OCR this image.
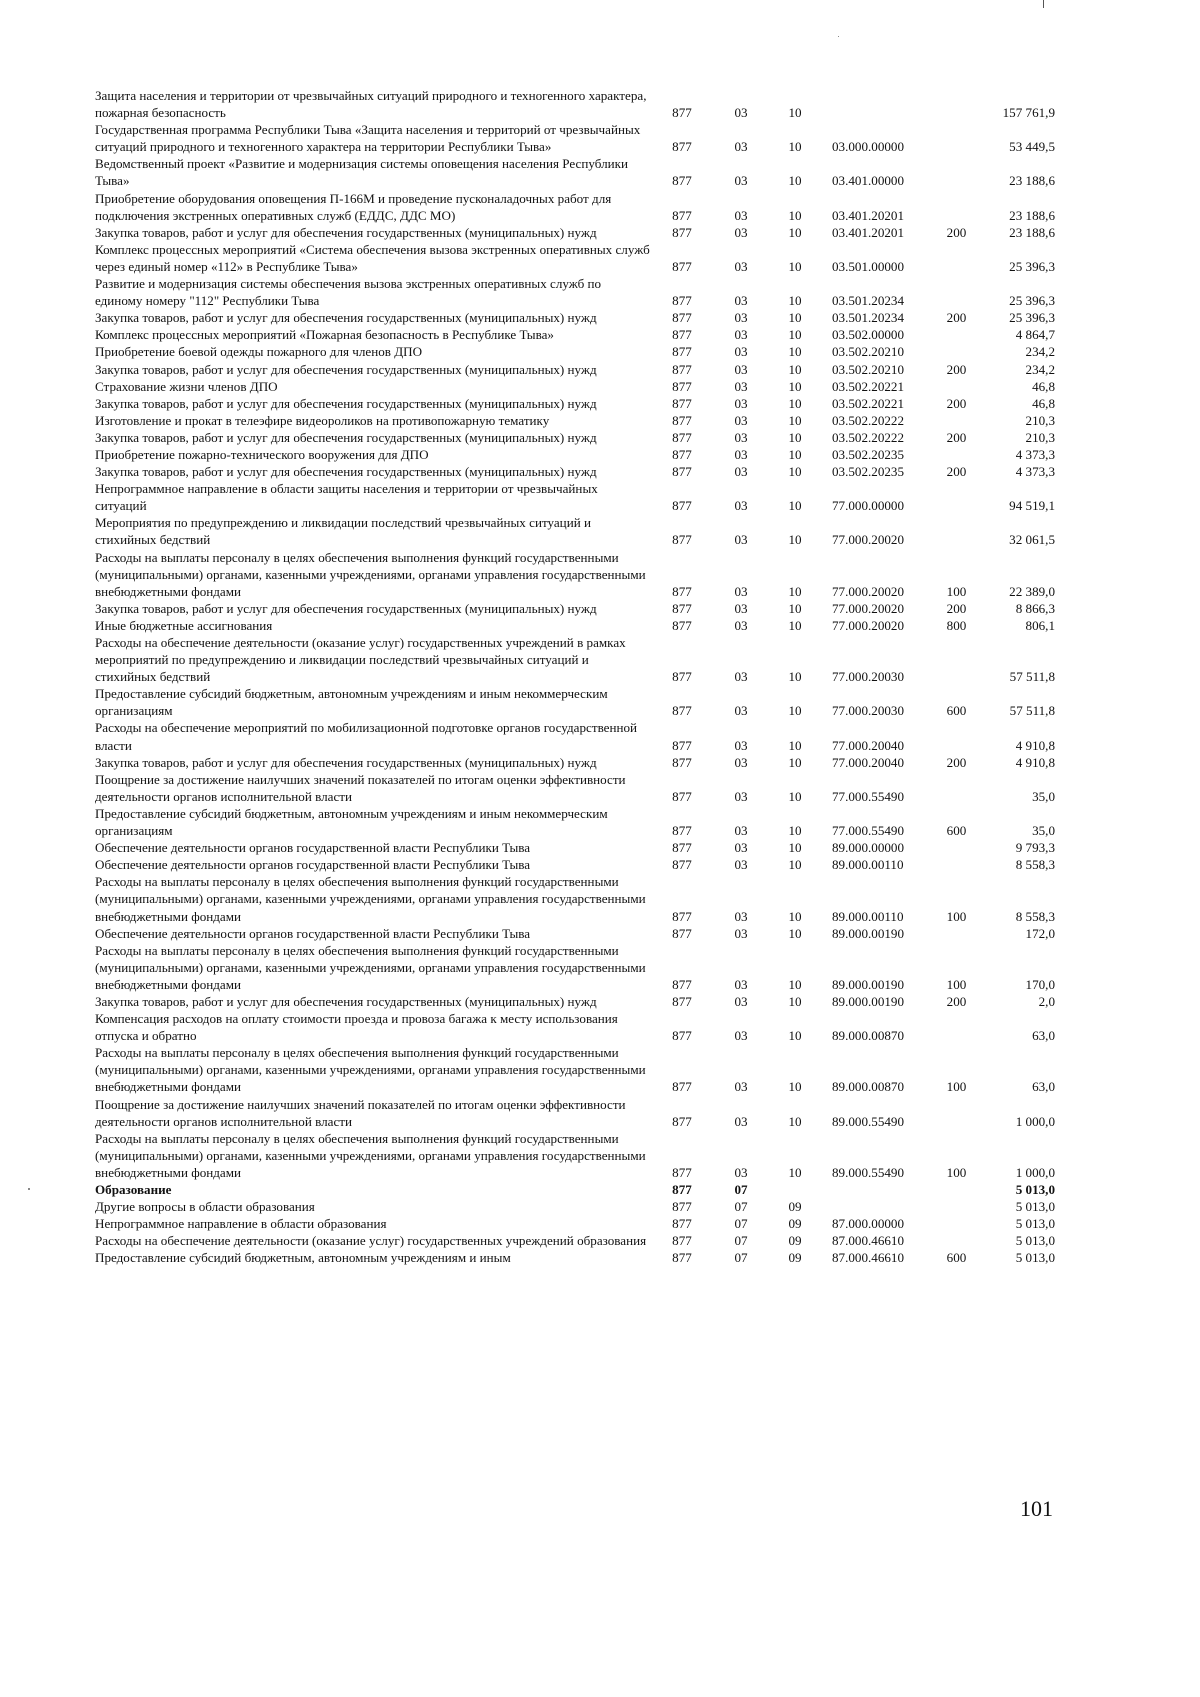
Защита населения и территории от чрезвычайных ситуаций природного и техногенного характера, пожарная безопасность	877	03	10	157 761,9
Государственная программа Республики Тыва «Защита населения и территорий от чрезвычайных ситуаций природного и техногенного характера на территории Республики Тыва»	877	03	10	03.000.00000	53 449,5
Ведомственный проект «Развитие и модернизация системы оповещения населения Республики Тыва»	877	03	10	03.401.00000	23 188,6
Приобретение оборудования оповещения П-166М и проведение пусконаладочных работ для подключения экстренных оперативных служб (ЕДДС, ДДС МО)	877	03	10	03.401.20201	23 188,6
Закупка товаров, работ и услуг для обеспечения государственных (муниципальных) нужд	877	03	10	03.401.20201	200	23 188,6
Комплекс процессных мероприятий «Система обеспечения вызова экстренных оперативных служб через единый номер «112» в Республике Тыва»	877	03	10	03.501.00000	25 396,3
Развитие и модернизация системы обеспечения вызова экстренных оперативных служб по единому номеру "112" Республики Тыва	877	03	10	03.501.20234	25 396,3
Закупка товаров, работ и услуг для обеспечения государственных (муниципальных) нужд	877	03	10	03.501.20234	200	25 396,3
Комплекс процессных мероприятий «Пожарная безопасность в Республике Тыва»	877	03	10	03.502.00000	4 864,7
Приобретение боевой одежды пожарного для членов ДПО	877	03	10	03.502.20210	234,2
Закупка товаров, работ и услуг для обеспечения государственных (муниципальных) нужд	877	03	10	03.502.20210	200	234,2
Страхование жизни членов ДПО	877	03	10	03.502.20221	46,8
Закупка товаров, работ и услуг для обеспечения государственных (муниципальных) нужд	877	03	10	03.502.20221	200	46,8
Изготовление и прокат в телеэфире видеороликов на противопожарную тематику	877	03	10	03.502.20222	210,3
Закупка товаров, работ и услуг для обеспечения государственных (муниципальных) нужд	877	03	10	03.502.20222	200	210,3
Приобретение пожарно-технического вооружения для ДПО	877	03	10	03.502.20235	4 373,3
Закупка товаров, работ и услуг для обеспечения государственных (муниципальных) нужд	877	03	10	03.502.20235	200	4 373,3
Непрограммное направление в области защиты населения и территории от чрезвычайных ситуаций	877	03	10	77.000.00000	94 519,1
Мероприятия по предупреждению и ликвидации последствий чрезвычайных ситуаций и стихийных бедствий	877	03	10	77.000.20020	32 061,5
Расходы на выплаты персоналу в целях обеспечения выполнения функций государственными (муниципальными) органами, казенными учреждениями, органами управления государственными внебюджетными фондами	877	03	10	77.000.20020	100	22 389,0
Закупка товаров, работ и услуг для обеспечения государственных (муниципальных) нужд	877	03	10	77.000.20020	200	8 866,3
Иные бюджетные ассигнования	877	03	10	77.000.20020	800	806,1
Расходы на обеспечение деятельности (оказание услуг) государственных учреждений в рамках мероприятий по предупреждению и ликвидации последствий чрезвычайных ситуаций и стихийных бедствий	877	03	10	77.000.20030	57 511,8
Предоставление субсидий бюджетным, автономным учреждениям и иным некоммерческим организациям	877	03	10	77.000.20030	600	57 511,8
Расходы на обеспечение мероприятий по мобилизационной подготовке органов государственной власти	877	03	10	77.000.20040	4 910,8
Закупка товаров, работ и услуг для обеспечения государственных (муниципальных) нужд	877	03	10	77.000.20040	200	4 910,8
Поощрение за достижение наилучших значений показателей по итогам оценки эффективности деятельности органов исполнительной власти	877	03	10	77.000.55490	35,0
Предоставление субсидий бюджетным, автономным учреждениям и иным некоммерческим организациям	877	03	10	77.000.55490	600	35,0
Обеспечение деятельности органов государственной власти Республики Тыва	877	03	10	89.000.00000	9 793,3
Обеспечение деятельности органов государственной власти Республики Тыва	877	03	10	89.000.00110	8 558,3
Расходы на выплаты персоналу в целях обеспечения выполнения функций государственными (муниципальными) органами, казенными учреждениями, органами управления государственными внебюджетными фондами	877	03	10	89.000.00110	100	8 558,3
Обеспечение деятельности органов государственной власти Республики Тыва	877	03	10	89.000.00190	172,0
Расходы на выплаты персоналу в целях обеспечения выполнения функций государственными (муниципальными) органами, казенными учреждениями, органами управления государственными внебюджетными фондами	877	03	10	89.000.00190	100	170,0
Закупка товаров, работ и услуг для обеспечения государственных (муниципальных) нужд	877	03	10	89.000.00190	200	2,0
Компенсация расходов на оплату стоимости проезда и провоза багажа к месту использования отпуска и обратно	877	03	10	89.000.00870	63,0
Расходы на выплаты персоналу в целях обеспечения выполнения функций государственными (муниципальными) органами, казенными учреждениями, органами управления государственными внебюджетными фондами	877	03	10	89.000.00870	100	63,0
Поощрение за достижение наилучших значений показателей по итогам оценки эффективности деятельности органов исполнительной власти	877	03	10	89.000.55490	1 000,0
Расходы на выплаты персоналу в целях обеспечения выполнения функций государственными (муниципальными) органами, казенными учреждениями, органами управления государственными внебюджетными фондами	877	03	10	89.000.55490	100	1 000,0
Образование	877	07	5 013,0
Другие вопросы в области образования	877	07	09	5 013,0
Непрограммное направление в области образования	877	07	09	87.000.00000	5 013,0
Расходы на обеспечение деятельности (оказание услуг) государственных учреждений образования	877	07	09	87.000.46610	5 013,0
Предоставление субсидий бюджетным, автономным учреждениям и иным	877	07	09	87.000.46610	600	5 013,0
101
